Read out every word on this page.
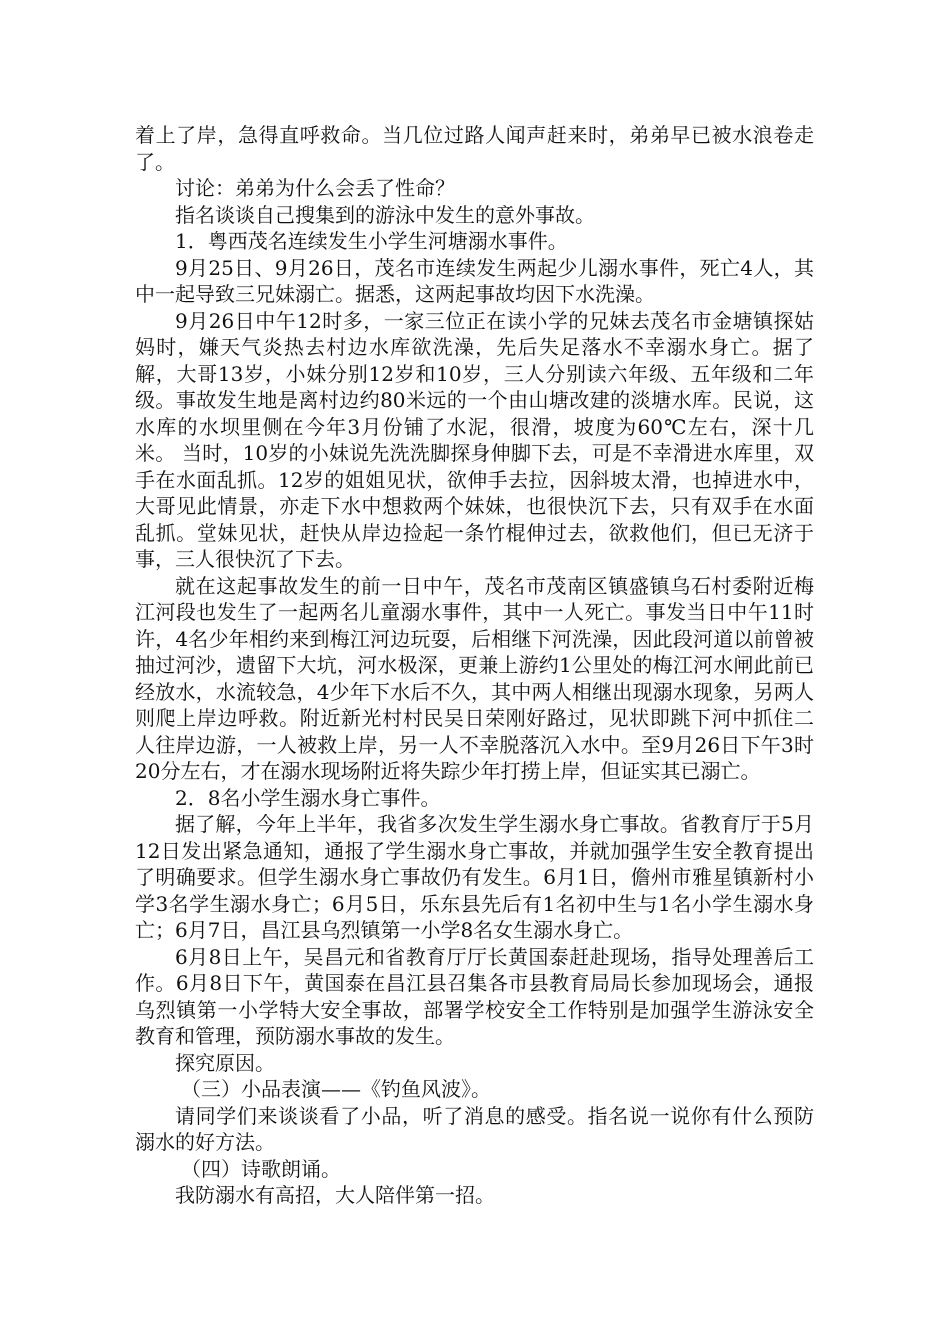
着上了岸，急得直呼救命。当几位过路人闻声赶来时，弟弟早已被水浪卷走了。

讨论：弟弟为什么会丢了性命？

指名谈谈自己搜集到的游泳中发生的意外事故。

1．粤西茂名连续发生小学生河塘溺水事件。

9月25日、9月26日，茂名市连续发生两起少儿溺水事件，死亡4人，其中一起导致三兄妹溺亡。据悉，这两起事故均因下水洗澡。

9月26日中午12时多，一家三位正在读小学的兄妹去茂名市金塘镇探姑妈时，嫌天气炎热去村边水库欲洗澡，先后失足落水不幸溺水身亡。据了解，大哥13岁，小妹分别12岁和10岁，三人分别读六年级、五年级和二年级。事故发生地是离村边约80米远的一个由山塘改建的淡塘水库。民说，这水库的水坝里侧在今年3月份铺了水泥，很滑，坡度为60℃左右，深十几米。 当时，10岁的小妹说先洗洗脚探身伸脚下去，可是不幸滑进水库里，双手在水面乱抓。12岁的姐姐见状，欲伸手去拉，因斜坡太滑，也掉进水中，大哥见此情景，亦走下水中想救两个妹妹，也很快沉下去，只有双手在水面乱抓。堂妹见状，赶快从岸边捡起一条竹棍伸过去，欲救他们，但已无济于事，三人很快沉了下去。

就在这起事故发生的前一日中午，茂名市茂南区镇盛镇乌石村委附近梅江河段也发生了一起两名儿童溺水事件，其中一人死亡。事发当日中午11时许，4名少年相约来到梅江河边玩耍，后相继下河洗澡，因此段河道以前曾被抽过河沙，遗留下大坑，河水极深，更兼上游约1公里处的梅江河水闸此前已经放水，水流较急，4少年下水后不久，其中两人相继出现溺水现象，另两人则爬上岸边呼救。附近新光村村民吴日荣刚好路过，见状即跳下河中抓住二人往岸边游，一人被救上岸，另一人不幸脱落沉入水中。至9月26日下午3时20分左右，才在溺水现场附近将失踪少年打捞上岸，但证实其已溺亡。

2．8名小学生溺水身亡事件。

据了解，今年上半年，我省多次发生学生溺水身亡事故。省教育厅于5月12日发出紧急通知，通报了学生溺水身亡事故，并就加强学生安全教育提出了明确要求。但学生溺水身亡事故仍有发生。6月1日，儋州市雅星镇新村小学3名学生溺水身亡；6月5日，乐东县先后有1名初中生与1名小学生溺水身亡；6月7日，昌江县乌烈镇第一小学8名女生溺水身亡。

6月8日上午，吴昌元和省教育厅厅长黄国泰赶赴现场，指导处理善后工作。6月8日下午，黄国泰在昌江县召集各市县教育局局长参加现场会，通报乌烈镇第一小学特大安全事故，部署学校安全工作特别是加强学生游泳安全教育和管理，预防溺水事故的发生。

探究原因。

（三）小品表演——《钓鱼风波》。

请同学们来谈谈看了小品，听了消息的感受。指名说一说你有什么预防溺水的好方法。

（四）诗歌朗诵。

我防溺水有高招，大人陪伴第一招。
